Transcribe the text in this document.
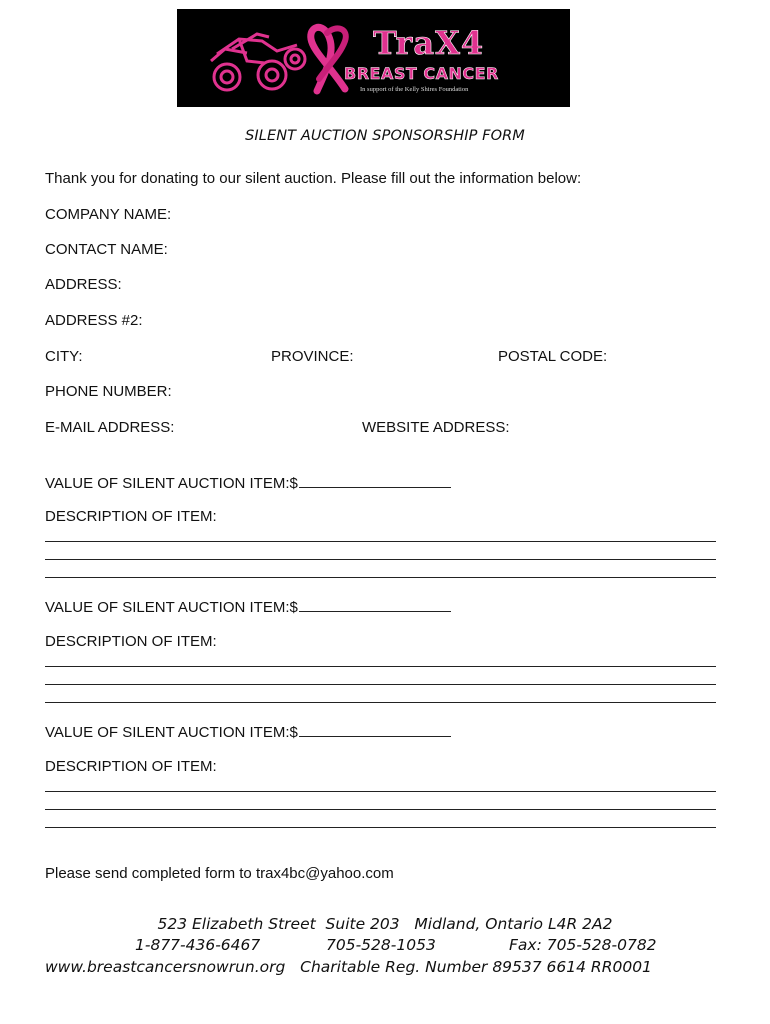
TraX4
BREAST CANCER
In support of the Kelly Shires Foundation
SILENT AUCTION SPONSORSHIP FORM
Thank you for donating to our silent auction. Please fill out the information below:
COMPANY NAME:
CONTACT NAME:
ADDRESS:
ADDRESS #2:
CITY:	PROVINCE:	POSTAL CODE:
PHONE NUMBER:
E-MAIL ADDRESS:	WEBSITE ADDRESS:
VALUE OF SILENT AUCTION ITEM:$
DESCRIPTION OF ITEM:
VALUE OF SILENT AUCTION ITEM:$
DESCRIPTION OF ITEM:
VALUE OF SILENT AUCTION ITEM:$
DESCRIPTION OF ITEM:
Please send completed form to trax4bc@yahoo.com
523 Elizabeth Street  Suite 203   Midland, Ontario L4R 2A2
1-877-436-6467	705-528-1053	Fax: 705-528-0782
www.breastcancersnowrun.org Charitable Reg. Number 89537 6614 RR0001
